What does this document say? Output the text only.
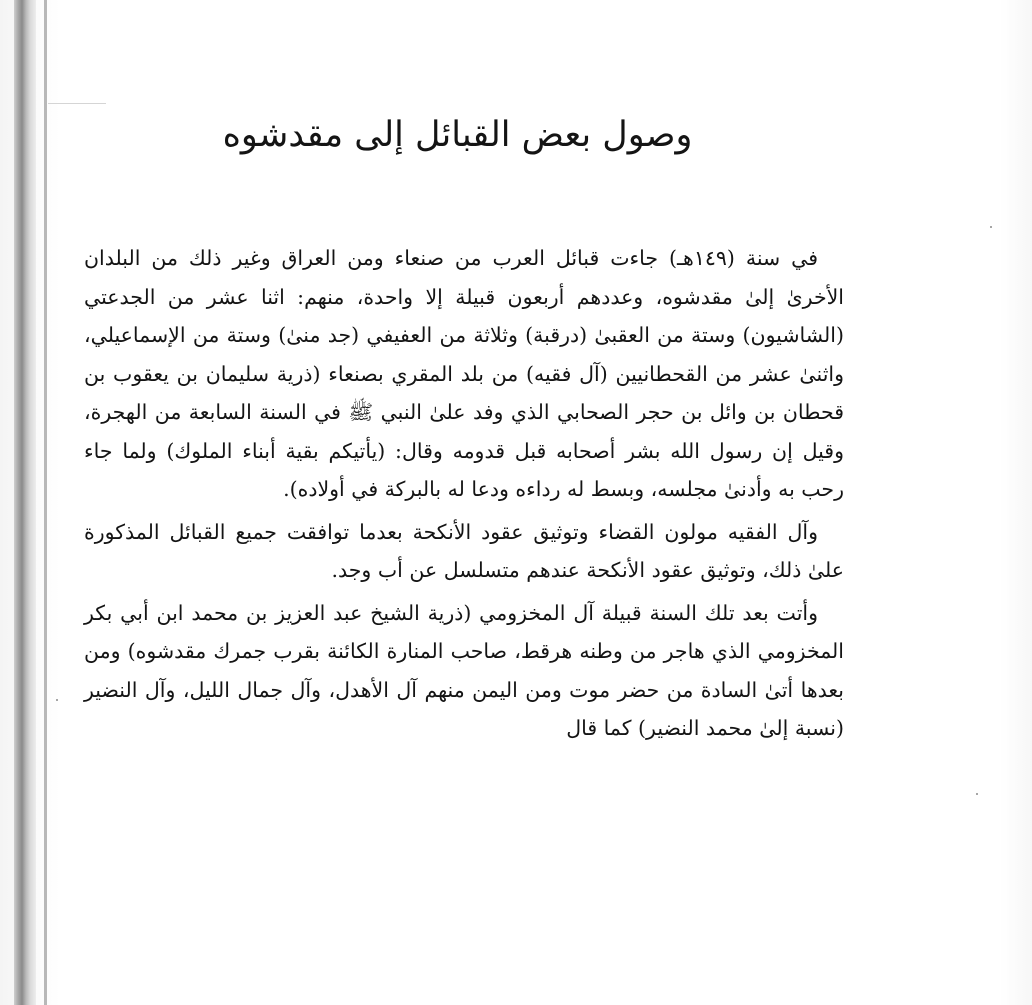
وصول بعض القبائل إلى مقدشوه

في سنة (١٤٩هـ) جاءت قبائل العرب من صنعاء ومن العراق وغير ذلك من البلدان الأخرىٰ إلىٰ مقدشوه، وعددهم أربعون قبيلة إلا واحدة، منهم: اثنا عشر من الجدعتي (الشاشيون) وستة من العقبىٰ (درقبة) وثلاثة من العفيفي (جد منىٰ) وستة من الإسماعيلي، واثنىٰ عشر من القحطانيين (آل فقيه) من بلد المقري بصنعاء (ذرية سليمان بن يعقوب بن قحطان بن وائل بن حجر الصحابي الذي وفد علىٰ النبي ﷺ في السنة السابعة من الهجرة، وقيل إن رسول الله بشر أصحابه قبل قدومه وقال: (يأتيكم بقية أبناء الملوك) ولما جاء رحب به وأدنىٰ مجلسه، وبسط له رداءه ودعا له بالبركة في أولاده).

وآل الفقيه مولون القضاء وتوثيق عقود الأنكحة بعدما توافقت جميع القبائل المذكورة علىٰ ذلك، وتوثيق عقود الأنكحة عندهم متسلسل عن أب وجد.

وأتت بعد تلك السنة قبيلة آل المخزومي (ذرية الشيخ عبد العزيز بن محمد ابن أبي بكر المخزومي الذي هاجر من وطنه هرقط، صاحب المنارة الكائنة بقرب جمرك مقدشوه) ومن بعدها أتىٰ السادة من حضر موت ومن اليمن منهم آل الأهدل، وآل جمال الليل، وآل النضير (نسبة إلىٰ محمد النضير) كما قال
